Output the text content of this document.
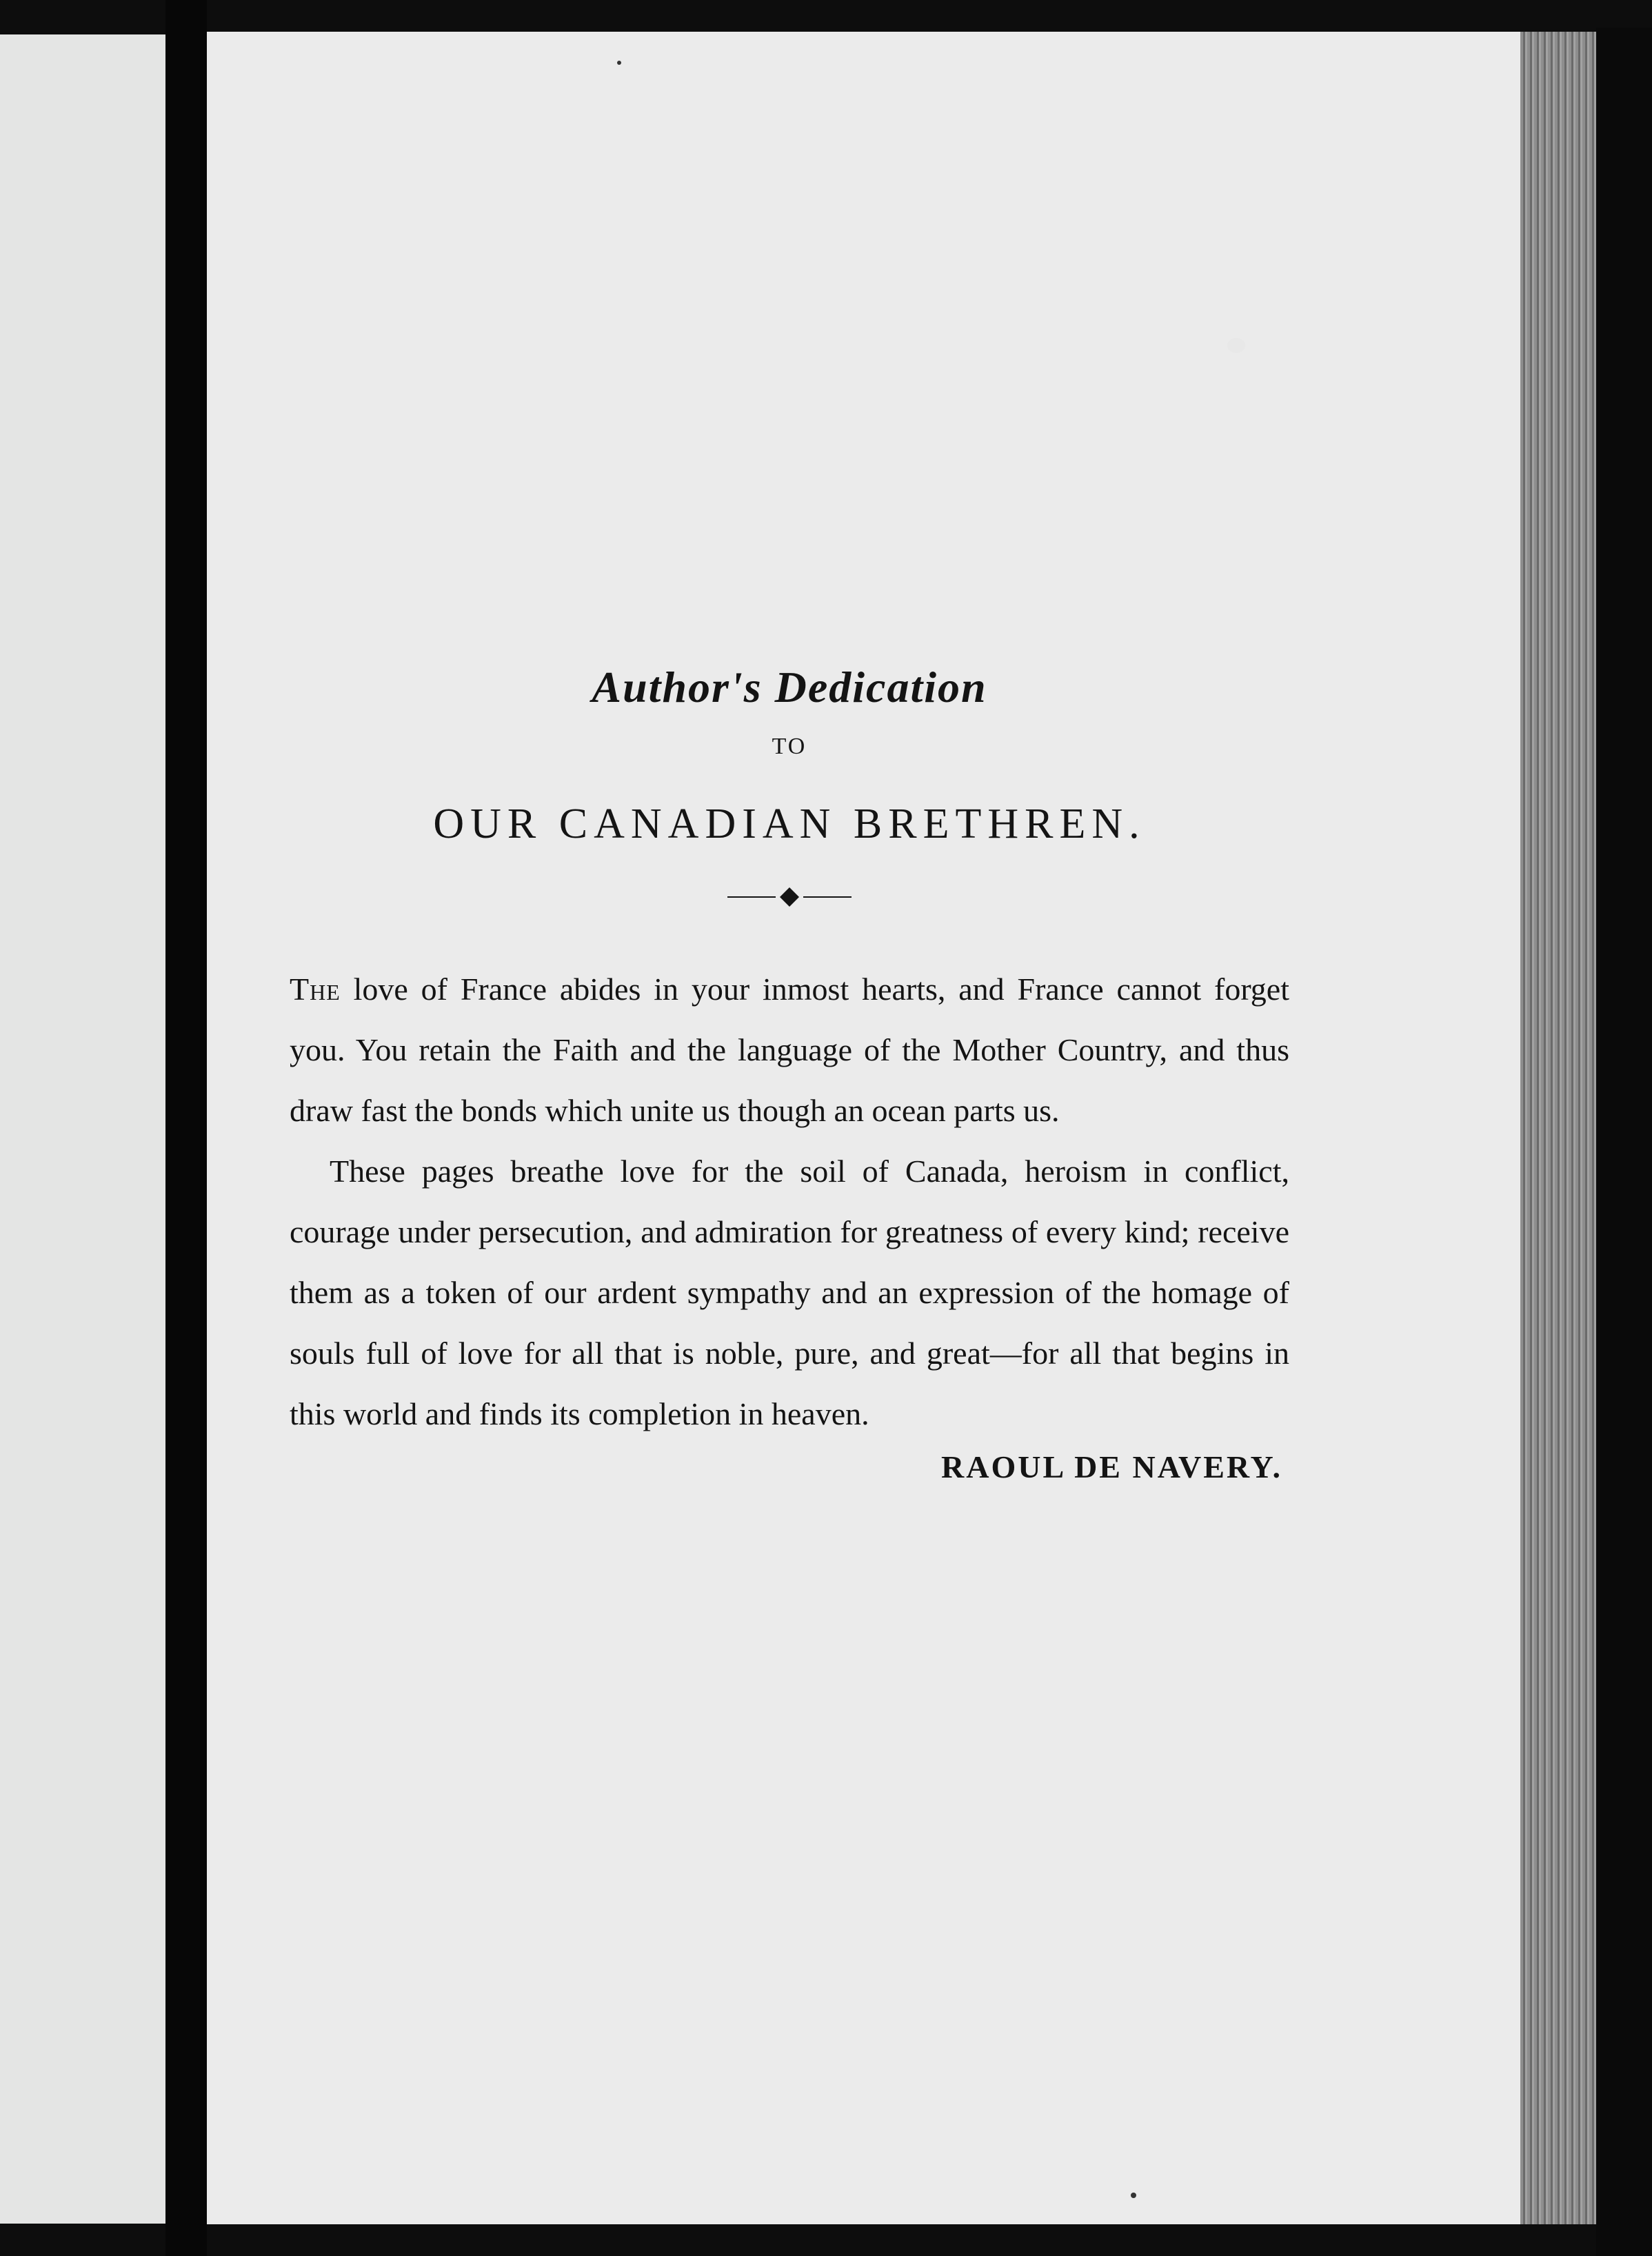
Author's Dedication
TO
OUR CANADIAN BRETHREN.

The love of France abides in your inmost hearts, and France cannot forget you. You retain the Faith and the language of the Mother Country, and thus draw fast the bonds which unite us though an ocean parts us.

These pages breathe love for the soil of Canada, heroism in conflict, courage under persecution, and admiration for greatness of every kind; receive them as a token of our ardent sympathy and an expression of the homage of souls full of love for all that is noble, pure, and great—for all that begins in this world and finds its completion in heaven.

RAOUL DE NAVERY.
